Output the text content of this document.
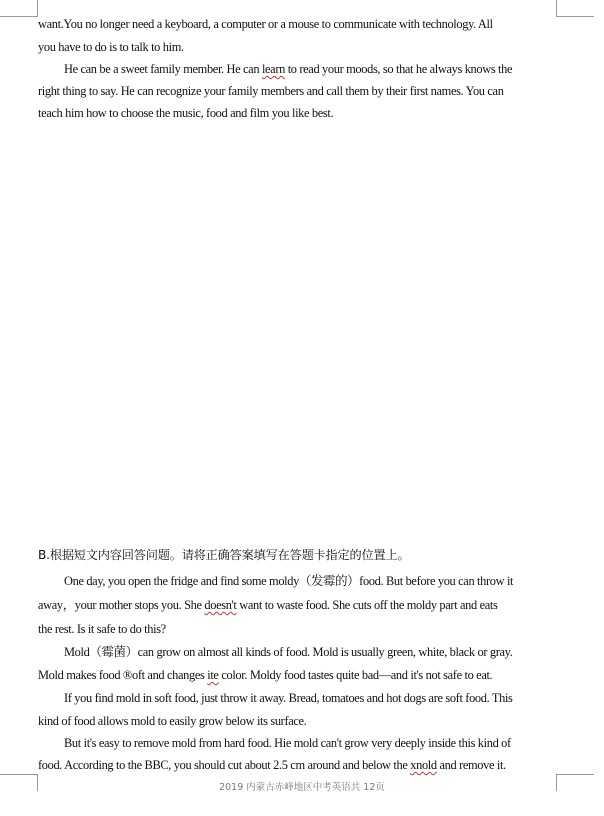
want.You no longer need a keyboard, a computer or a mouse to communicate with technology. All
you have to do is to talk to him.
He can be a sweet family member. He can learn to read your moods, so that he always knows the
right thing to say. He can recognize your family members and call them by their first names. You can
teach him how to choose the music, food and film you like best.
B.根据短文内容回答问题。请将正确答案填写在答题卡指定的位置上。
One day, you open the fridge and find some moldy（发霉的）food. But before you can throw it
away，your mother stops you. She doesn't want to waste food. She cuts off the moldy part and eats
the rest. Is it safe to do this?
Mold（霉菌）can grow on almost all kinds of food. Mold is usually green, white, black or gray.
Mold makes food ®oft and changes ite color. Moldy food tastes quite bad—and it's not safe to eat.
If you find mold in soft food, just throw it away. Bread, tomatoes and hot dogs are soft food. This
kind of food allows mold to easily grow below its surface.
But it's easy to remove mold from hard food. Hie mold can't grow very deeply inside this kind of
food. According to the BBC, you should cut about 2.5 cm around and below the xnold and remove it.
2019 内蒙古赤峰地区中考英语共 12页
